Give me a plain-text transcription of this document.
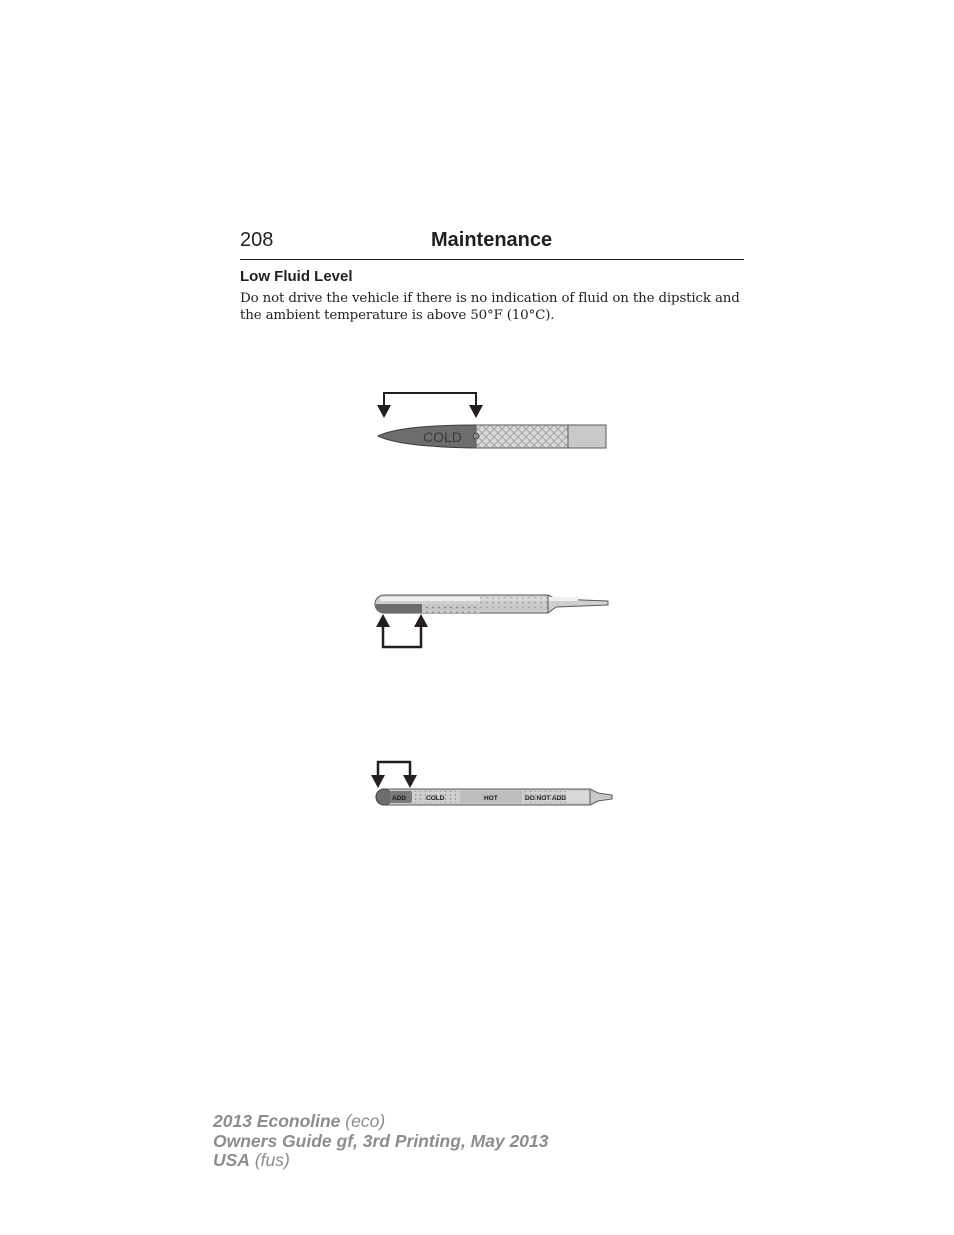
208	Maintenance
Low Fluid Level
Do not drive the vehicle if there is no indication of fluid on the dipstick and the ambient temperature is above 50°F (10°C).
COLD
ADD	COLD	HOT	DO NOT ADD
2013 Econoline (eco)
Owners Guide gf, 3rd Printing, May 2013
USA (fus)
